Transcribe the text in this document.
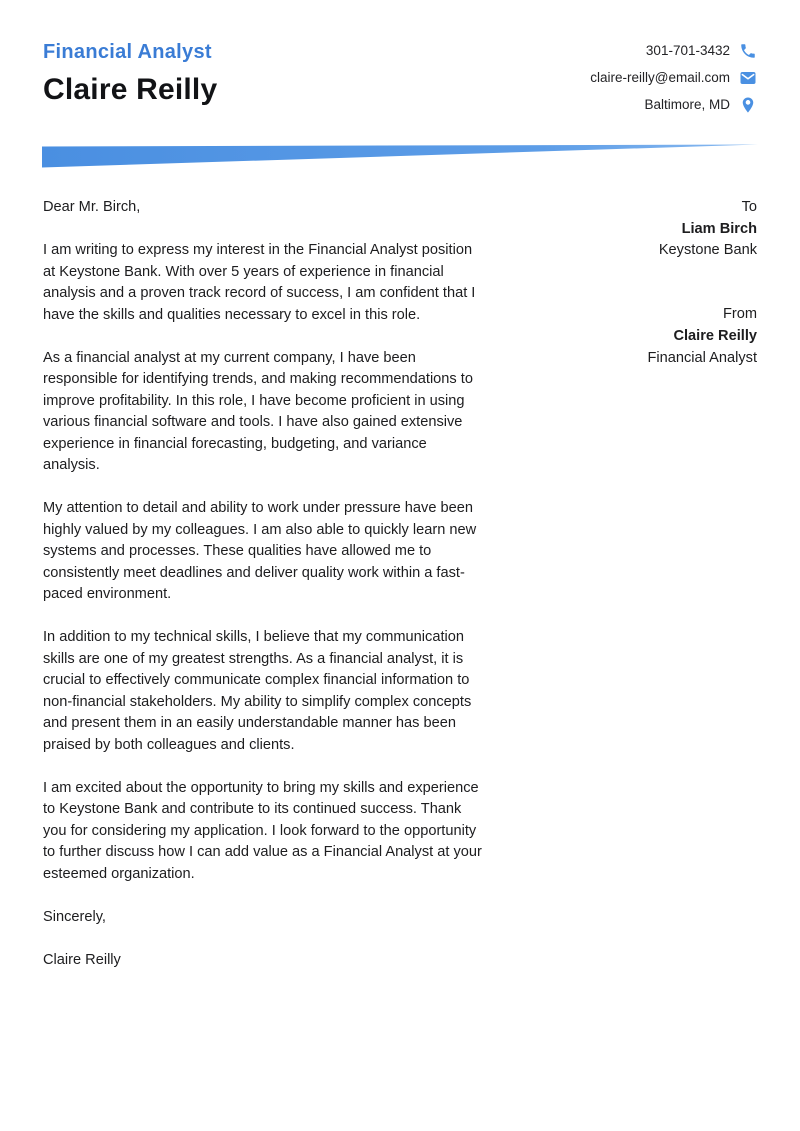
Financial Analyst
Claire Reilly
301-701-3432
claire-reilly@email.com
Baltimore, MD

Dear Mr. Birch,

I am writing to express my interest in the Financial Analyst position at Keystone Bank. With over 5 years of experience in financial analysis and a proven track record of success, I am confident that I have the skills and qualities necessary to excel in this role.

As a financial analyst at my current company, I have been responsible for identifying trends, and making recommendations to improve profitability. In this role, I have become proficient in using various financial software and tools. I have also gained extensive experience in financial forecasting, budgeting, and variance analysis.

My attention to detail and ability to work under pressure have been highly valued by my colleagues. I am also able to quickly learn new systems and processes. These qualities have allowed me to consistently meet deadlines and deliver quality work within a fast-paced environment.

In addition to my technical skills, I believe that my communication skills are one of my greatest strengths. As a financial analyst, it is crucial to effectively communicate complex financial information to non-financial stakeholders. My ability to simplify complex concepts and present them in an easily understandable manner has been praised by both colleagues and clients.

I am excited about the opportunity to bring my skills and experience to Keystone Bank and contribute to its continued success. Thank you for considering my application. I look forward to the opportunity to further discuss how I can add value as a Financial Analyst at your esteemed organization.

Sincerely,

Claire Reilly

To
Liam Birch
Keystone Bank
From
Claire Reilly
Financial Analyst
